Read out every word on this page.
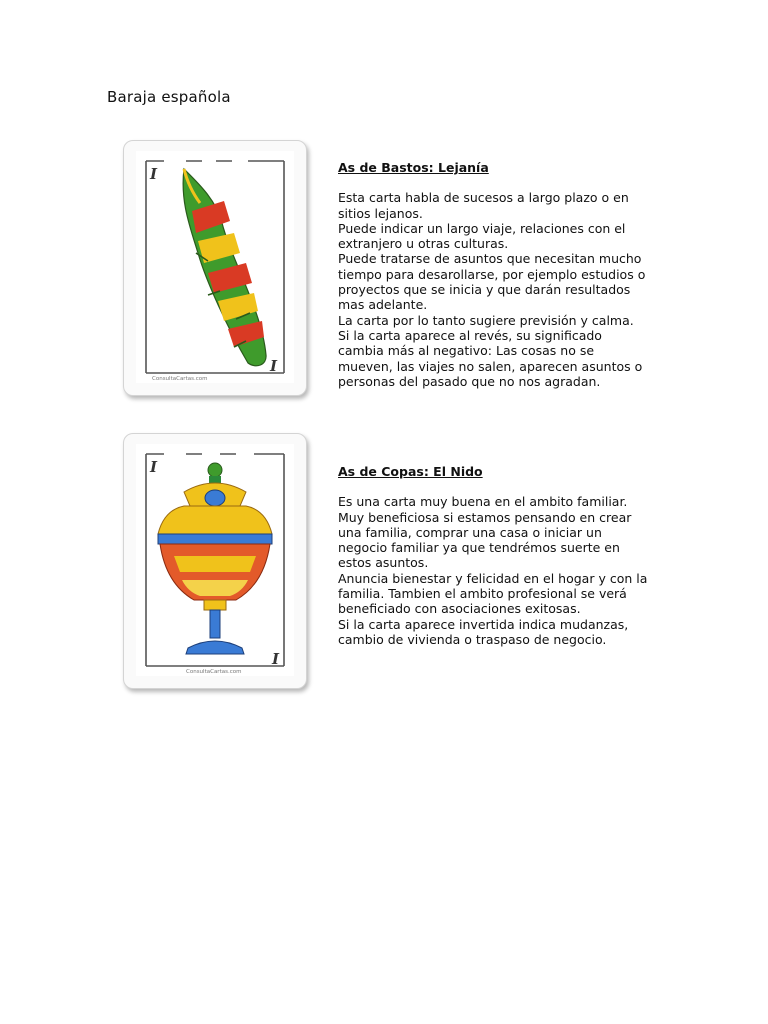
Baraja española
I
I
ConsultaCartas.com
As de Bastos: Lejanía
Esta carta habla de sucesos a largo plazo o en
sitios lejanos.
Puede indicar un largo viaje, relaciones con el
extranjero u otras culturas.
Puede tratarse de asuntos que necesitan mucho
tiempo para desarollarse, por ejemplo estudios o
proyectos que se inicia y que darán resultados
mas adelante.
La carta por lo tanto sugiere previsión y calma.
Si la carta aparece al revés, su significado
cambia más al negativo: Las cosas no se
mueven, las viajes no salen, aparecen asuntos o
personas del pasado que no nos agradan.
I
I
ConsultaCartas.com
As de Copas: El Nido
Es una carta muy buena en el ambito familiar.
Muy beneficiosa si estamos pensando en crear
una familia, comprar una casa o iniciar un
negocio familiar ya que tendrémos suerte en
estos asuntos.
Anuncia bienestar y felicidad en el hogar y con la
familia. Tambien el ambito profesional se verá
beneficiado con asociaciones exitosas.
Si la carta aparece invertida indica mudanzas,
cambio de vivienda o traspaso de negocio.
